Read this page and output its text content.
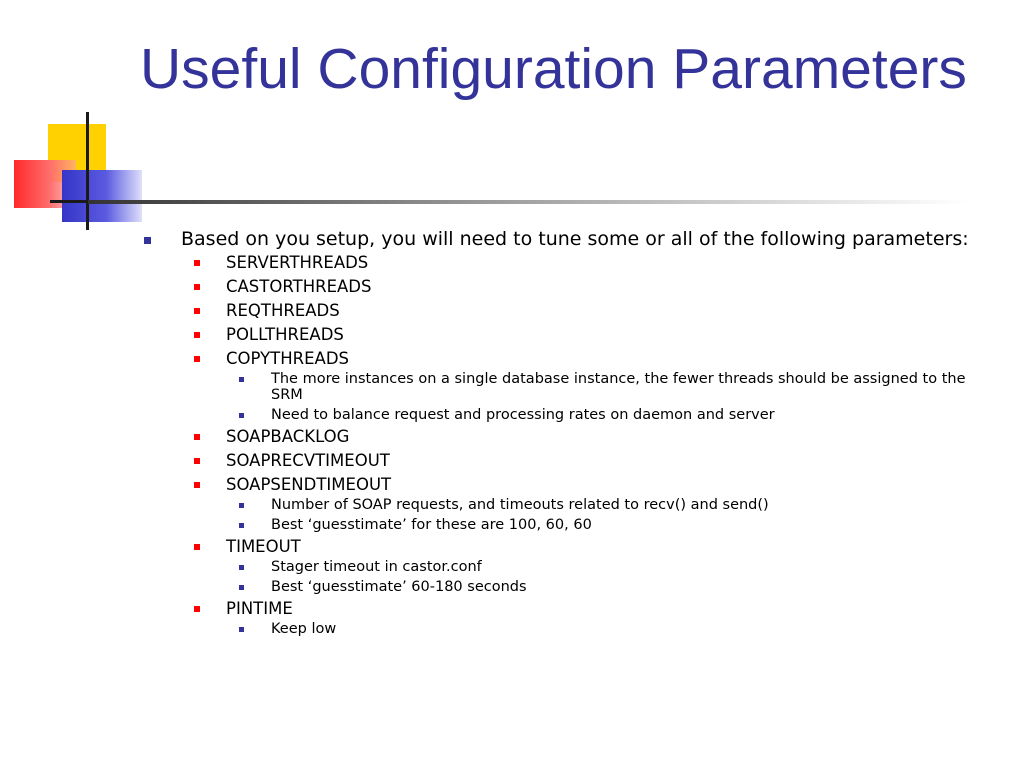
Useful Configuration Parameters
Based on you setup, you will need to tune some or all of the following parameters:
SERVERTHREADS
CASTORTHREADS
REQTHREADS
POLLTHREADS
COPYTHREADS
The more instances on a single database instance, the fewer threads should be assigned to the SRM
Need to balance request and processing rates on daemon and server
SOAPBACKLOG
SOAPRECVTIMEOUT
SOAPSENDTIMEOUT
Number of SOAP requests, and timeouts related to recv() and send()
Best ‘guesstimate’ for these are 100, 60, 60
TIMEOUT
Stager timeout in castor.conf
Best ‘guesstimate’ 60-180 seconds
PINTIME
Keep low
